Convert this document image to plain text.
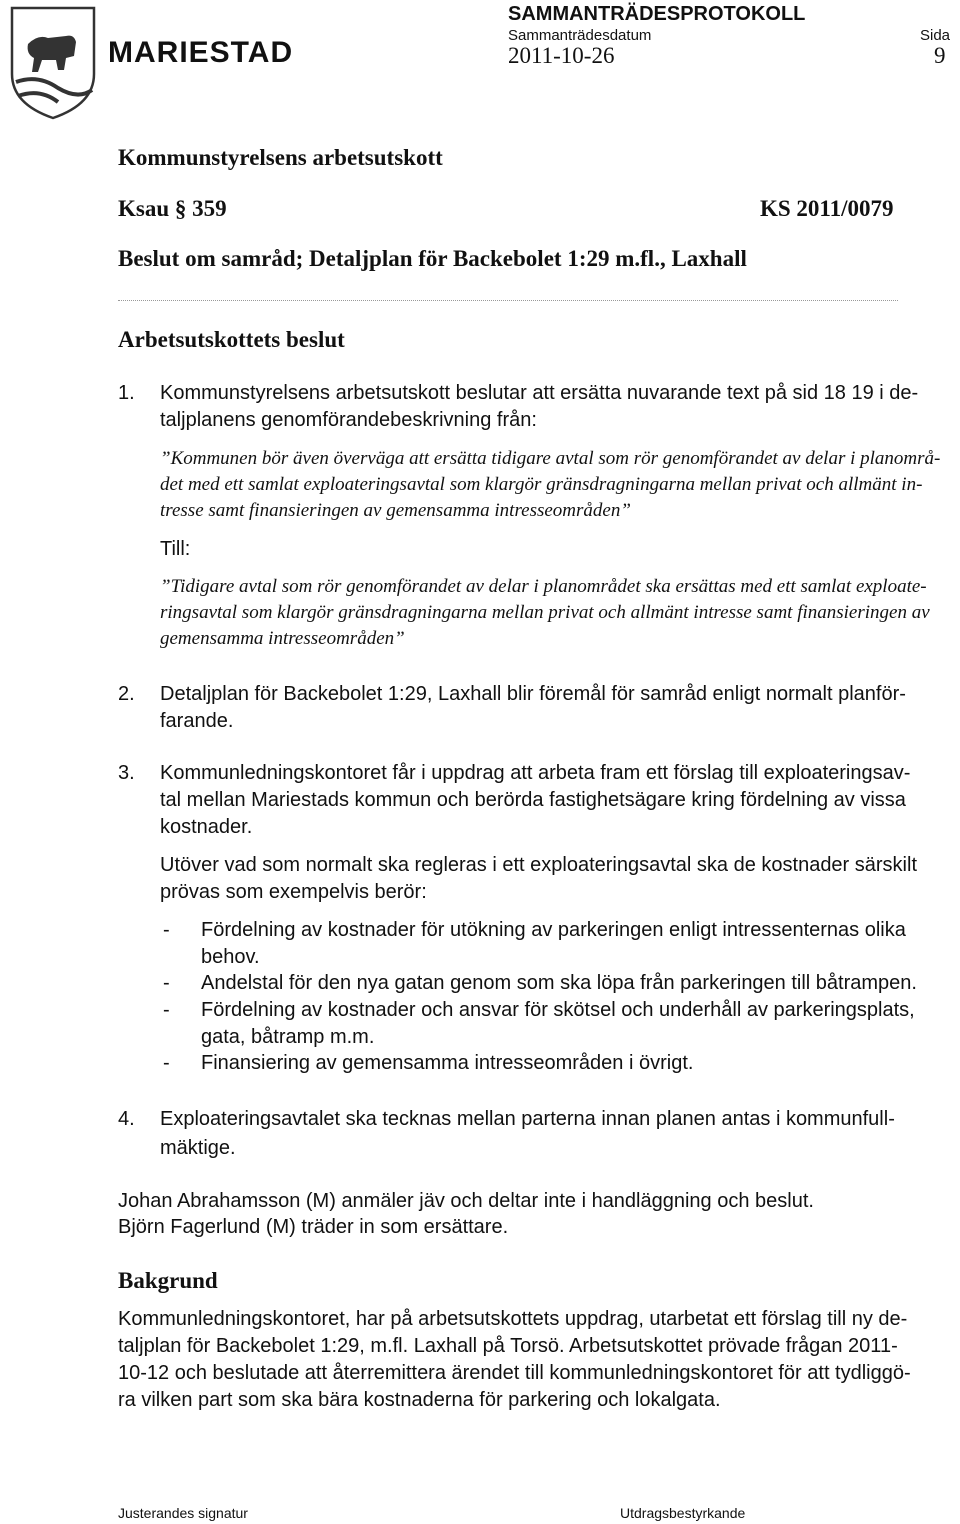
MARIESTAD
SAMMANTRÄDESPROTOKOLL
Sammanträdesdatum	Sida
2011-10-26	9
Kommunstyrelsens arbetsutskott
Ksau § 359	KS 2011/0079
Beslut om samråd; Detaljplan för Backebolet 1:29 m.fl., Laxhall
Arbetsutskottets beslut
1. Kommunstyrelsens arbetsutskott beslutar att ersätta nuvarande text på sid 18 19 i de-
taljplanens genomförandebeskrivning från:
”Kommunen bör även överväga att ersätta tidigare avtal som rör genomförandet av delar i planområ-
det med ett samlat exploateringsavtal som klargör gränsdragningarna mellan privat och allmänt in-
tresse samt finansieringen av gemensamma intresseområden”
Till:
”Tidigare avtal som rör genomförandet av delar i planområdet ska ersättas med ett samlat exploate-
ringsavtal som klargör gränsdragningarna mellan privat och allmänt intresse samt finansieringen av
gemensamma intresseområden”
2. Detaljplan för Backebolet 1:29, Laxhall blir föremål för samråd enligt normalt planför-
farande.
3. Kommunledningskontoret får i uppdrag att arbeta fram ett förslag till exploateringsav-
tal mellan Mariestads kommun och berörda fastighetsägare kring fördelning av vissa
kostnader.
Utöver vad som normalt ska regleras i ett exploateringsavtal ska de kostnader särskilt
prövas som exempelvis berör:
- Fördelning av kostnader för utökning av parkeringen enligt intressenternas olika
behov.
- Andelstal för den nya gatan genom som ska löpa från parkeringen till båtrampen.
- Fördelning av kostnader och ansvar för skötsel och underhåll av parkeringsplats,
gata, båtramp m.m.
- Finansiering av gemensamma intresseområden i övrigt.
4. Exploateringsavtalet ska tecknas mellan parterna innan planen antas i kommunfull-
mäktige.
Johan Abrahamsson (M) anmäler jäv och deltar inte i handläggning och beslut.
Björn Fagerlund (M) träder in som ersättare.
Bakgrund
Kommunledningskontoret, har på arbetsutskottets uppdrag, utarbetat ett förslag till ny de-
taljplan för Backebolet 1:29, m.fl. Laxhall på Torsö. Arbetsutskottet prövade frågan 2011-
10-12 och beslutade att återremittera ärendet till kommunledningskontoret för att tydliggö-
ra vilken part som ska bära kostnaderna för parkering och lokalgata.
Justerandes signatur	Utdragsbestyrkande
